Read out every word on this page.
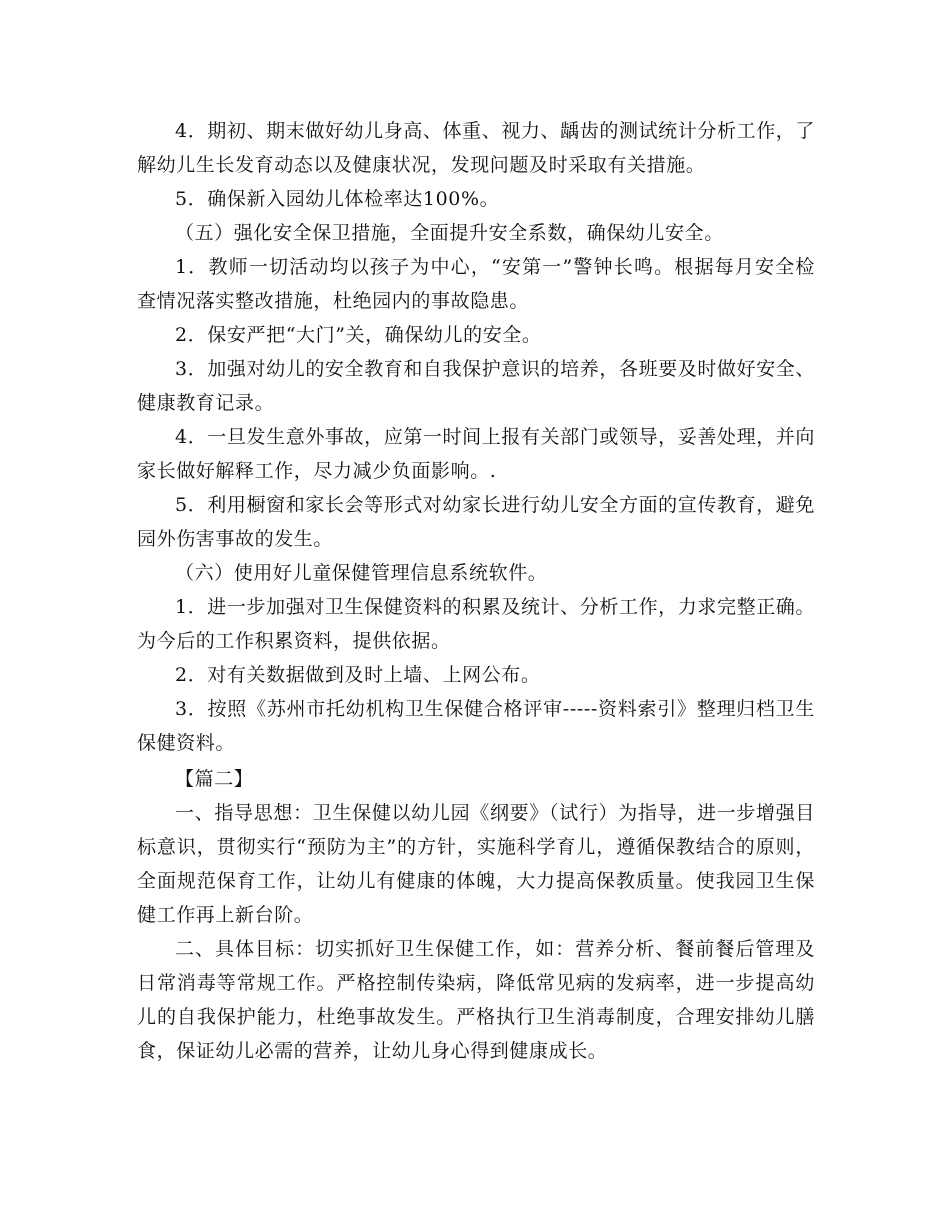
4．期初、期末做好幼儿身高、体重、视力、龋齿的测试统计分析工作，了解幼儿生长发育动态以及健康状况，发现问题及时采取有关措施。

5．确保新入园幼儿体检率达100%。

（五）强化安全保卫措施，全面提升安全系数，确保幼儿安全。

1．教师一切活动均以孩子为中心，“安第一”警钟长鸣。根据每月安全检查情况落实整改措施，杜绝园内的事故隐患。

2．保安严把“大门”关，确保幼儿的安全。

3．加强对幼儿的安全教育和自我保护意识的培养，各班要及时做好安全、健康教育记录。

4．一旦发生意外事故，应第一时间上报有关部门或领导，妥善处理，并向家长做好解释工作，尽力减少负面影响。.

5．利用橱窗和家长会等形式对幼家长进行幼儿安全方面的宣传教育，避免园外伤害事故的发生。

（六）使用好儿童保健管理信息系统软件。

1．进一步加强对卫生保健资料的积累及统计、分析工作，力求完整正确。为今后的工作积累资料，提供依据。

2．对有关数据做到及时上墙、上网公布。

3．按照《苏州市托幼机构卫生保健合格评审-----资料索引》整理归档卫生保健资料。

【篇二】

一、指导思想：卫生保健以幼儿园《纲要》（试行）为指导，进一步增强目标意识，贯彻实行“预防为主”的方针，实施科学育儿，遵循保教结合的原则，全面规范保育工作，让幼儿有健康的体魄，大力提高保教质量。使我园卫生保健工作再上新台阶。

二、具体目标：切实抓好卫生保健工作，如：营养分析、餐前餐后管理及日常消毒等常规工作。严格控制传染病，降低常见病的发病率，进一步提高幼儿的自我保护能力，杜绝事故发生。严格执行卫生消毒制度，合理安排幼儿膳食，保证幼儿必需的营养，让幼儿身心得到健康成长。
